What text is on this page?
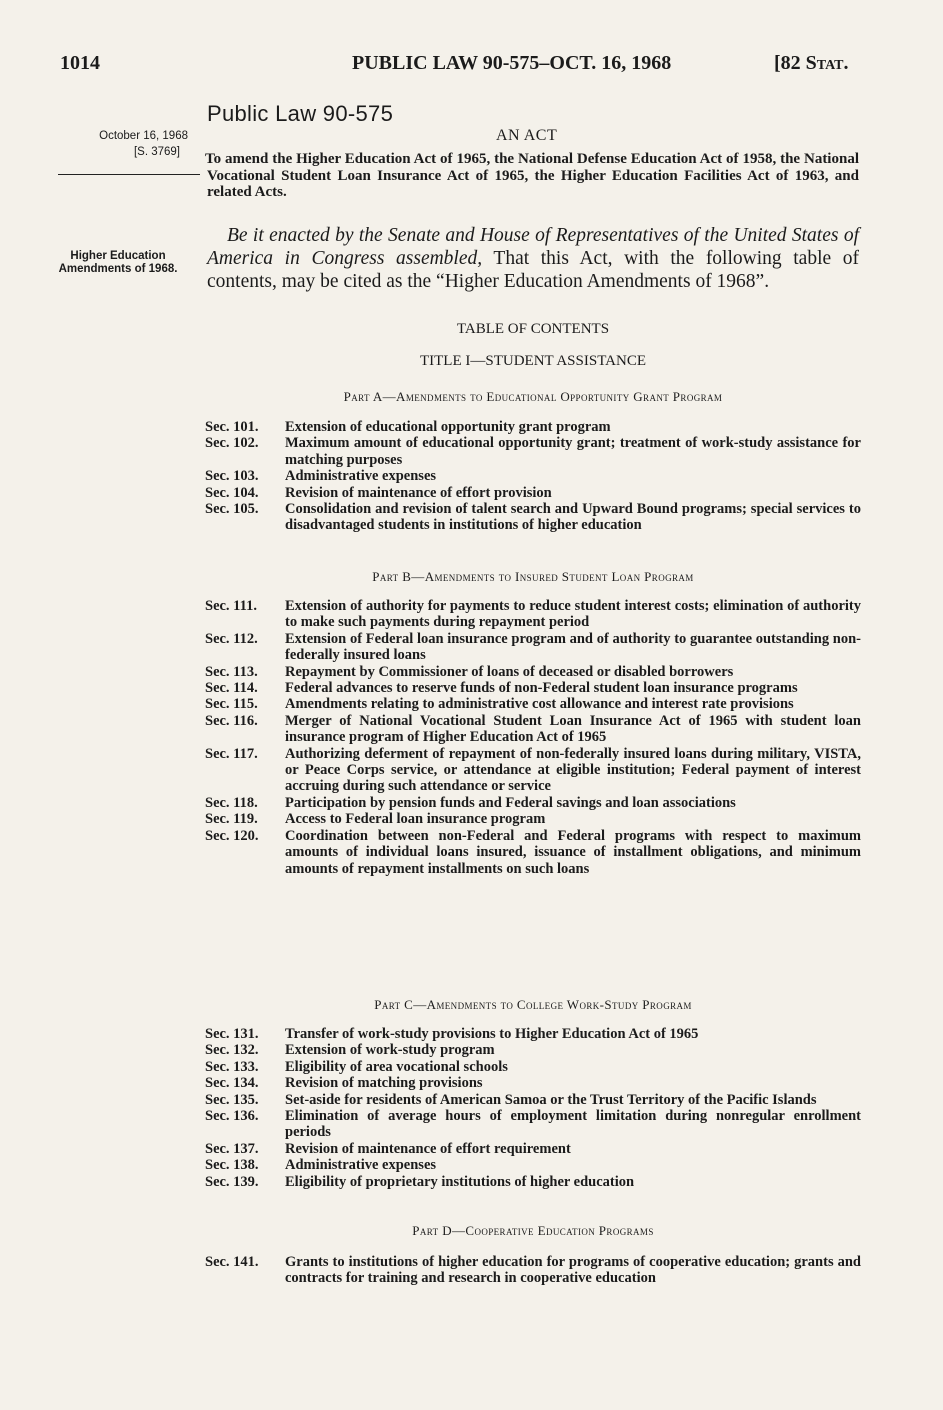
1014	PUBLIC LAW 90-575–OCT. 16, 1968	[82 Stat.
Public Law 90-575
October 16, 1968
[S. 3769]
Higher Education Amendments of 1968.
AN ACT
To amend the Higher Education Act of 1965, the National Defense Education Act of 1958, the National Vocational Student Loan Insurance Act of 1965, the Higher Education Facilities Act of 1963, and related Acts.
Be it enacted by the Senate and House of Representatives of the United States of America in Congress assembled, That this Act, with the following table of contents, may be cited as the “Higher Education Amendments of 1968”.
TABLE OF CONTENTS
TITLE I—STUDENT ASSISTANCE
Part A—Amendments to Educational Opportunity Grant Program
Sec. 101. Extension of educational opportunity grant program
Sec. 102. Maximum amount of educational opportunity grant; treatment of work-study assistance for matching purposes
Sec. 103. Administrative expenses
Sec. 104. Revision of maintenance of effort provision
Sec. 105. Consolidation and revision of talent search and Upward Bound programs; special services to disadvantaged students in institutions of higher education
Part B—Amendments to Insured Student Loan Program
Sec. 111. Extension of authority for payments to reduce student interest costs; elimination of authority to make such payments during repayment period
Sec. 112. Extension of Federal loan insurance program and of authority to guarantee outstanding non-federally insured loans
Sec. 113. Repayment by Commissioner of loans of deceased or disabled borrowers
Sec. 114. Federal advances to reserve funds of non-Federal student loan insurance programs
Sec. 115. Amendments relating to administrative cost allowance and interest rate provisions
Sec. 116. Merger of National Vocational Student Loan Insurance Act of 1965 with student loan insurance program of Higher Education Act of 1965
Sec. 117. Authorizing deferment of repayment of non-federally insured loans during military, VISTA, or Peace Corps service, or attendance at eligible institution; Federal payment of interest accruing during such attendance or service
Sec. 118. Participation by pension funds and Federal savings and loan associations
Sec. 119. Access to Federal loan insurance program
Sec. 120. Coordination between non-Federal and Federal programs with respect to maximum amounts of individual loans insured, issuance of installment obligations, and minimum amounts of repayment installments on such loans
Part C—Amendments to College Work-Study Program
Sec. 131. Transfer of work-study provisions to Higher Education Act of 1965
Sec. 132. Extension of work-study program
Sec. 133. Eligibility of area vocational schools
Sec. 134. Revision of matching provisions
Sec. 135. Set-aside for residents of American Samoa or the Trust Territory of the Pacific Islands
Sec. 136. Elimination of average hours of employment limitation during nonregular enrollment periods
Sec. 137. Revision of maintenance of effort requirement
Sec. 138. Administrative expenses
Sec. 139. Eligibility of proprietary institutions of higher education
Part D—Cooperative Education Programs
Sec. 141. Grants to institutions of higher education for programs of cooperative education; grants and contracts for training and research in cooperative education
